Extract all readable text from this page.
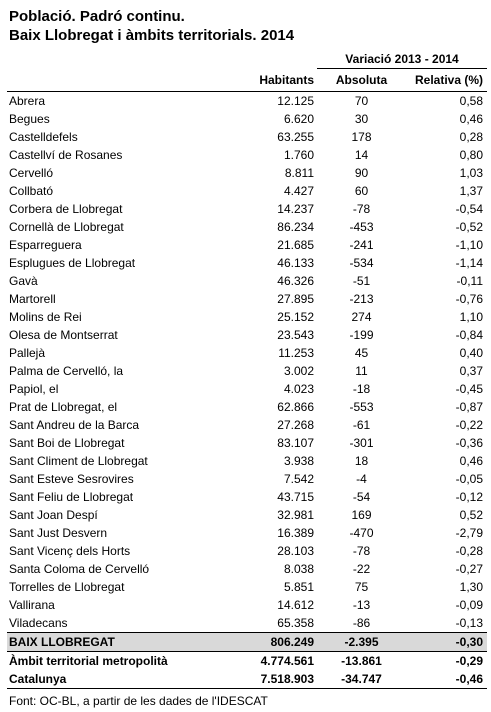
Població. Padró continu.
Baix Llobregat i àmbits territorials. 2014
		Variació 2013 - 2014	
	Habitants	Absoluta	Relativa (%)
Abrera	12.125	70	0,58
Begues	6.620	30	0,46
Castelldefels	63.255	178	0,28
Castellví de Rosanes	1.760	14	0,80
Cervelló	8.811	90	1,03
Collbató	4.427	60	1,37
Corbera de Llobregat	14.237	-78	-0,54
Cornellà de Llobregat	86.234	-453	-0,52
Esparreguera	21.685	-241	-1,10
Esplugues de Llobregat	46.133	-534	-1,14
Gavà	46.326	-51	-0,11
Martorell	27.895	-213	-0,76
Molins de Rei	25.152	274	1,10
Olesa de Montserrat	23.543	-199	-0,84
Pallejà	11.253	45	0,40
Palma de Cervelló, la	3.002	11	0,37
Papiol, el	4.023	-18	-0,45
Prat de Llobregat, el	62.866	-553	-0,87
Sant Andreu de la Barca	27.268	-61	-0,22
Sant Boi de Llobregat	83.107	-301	-0,36
Sant Climent de Llobregat	3.938	18	0,46
Sant Esteve Sesrovires	7.542	-4	-0,05
Sant Feliu de Llobregat	43.715	-54	-0,12
Sant Joan Despí	32.981	169	0,52
Sant Just Desvern	16.389	-470	-2,79
Sant Vicenç dels Horts	28.103	-78	-0,28
Santa Coloma de Cervelló	8.038	-22	-0,27
Torrelles de Llobregat	5.851	75	1,30
Vallirana	14.612	-13	-0,09
Viladecans	65.358	-86	-0,13
BAIX LLOBREGAT	806.249	-2.395	-0,30
Àmbit territorial metropolità	4.774.561	-13.861	-0,29
Catalunya	7.518.903	-34.747	-0,46
Font: OC-BL, a partir de les dades de l'IDESCAT
